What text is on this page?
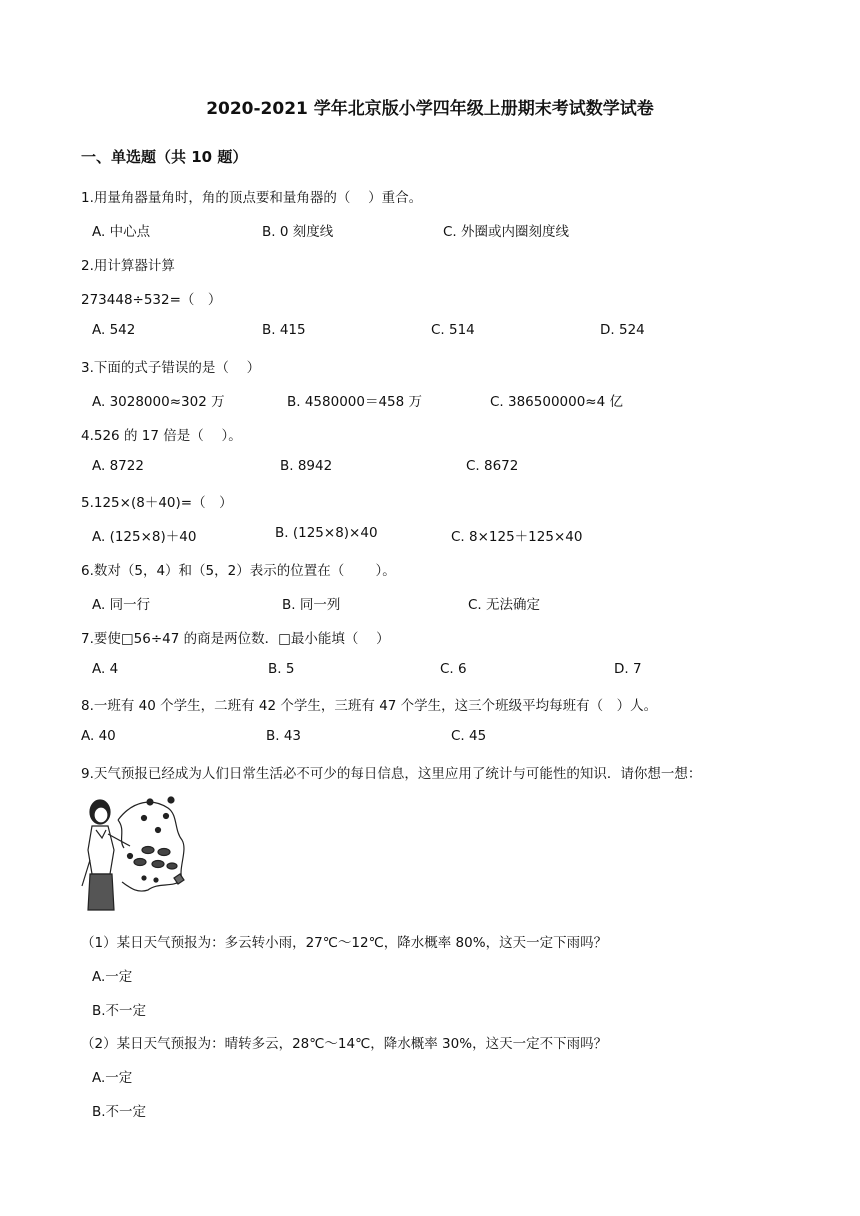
2020-2021 学年北京版小学四年级上册期末考试数学试卷
一、单选题（共 10 题）
1.用量角器量角时，角的顶点要和量角器的（　 ）重合。
A. 中心点	B. 0 刻度线	C. 外圈或内圈刻度线
2.用计算器计算
273448÷532=（　）
A. 542	B. 415	C. 514	D. 524
3.下面的式子错误的是（　 ）
A. 3028000≈302 万	B. 4580000＝458 万	C. 386500000≈4 亿
4.526 的 17 倍是（　 ）。
A. 8722	B. 8942	C. 8672
5.125×(8＋40)=（　）
A. (125×8)＋40	B. (125×8)×40	C. 8×125＋125×40
6.数对（5，4）和（5，2）表示的位置在（　　 ）。
A. 同一行	B. 同一列	C. 无法确定
7.要使□56÷47 的商是两位数．□最小能填（　 ）
A. 4	B. 5	C. 6	D. 7
8.一班有 40 个学生，二班有 42 个学生，三班有 47 个学生，这三个班级平均每班有（　）人。
A. 40	B. 43	C. 45
9.天气预报已经成为人们日常生活必不可少的每日信息，这里应用了统计与可能性的知识．请你想一想：
（1）某日天气预报为：多云转小雨，27℃～12℃，降水概率 80%，这天一定下雨吗？
A.一定
B.不一定
（2）某日天气预报为：晴转多云，28℃～14℃，降水概率 30%，这天一定不下雨吗？
A.一定
B.不一定
